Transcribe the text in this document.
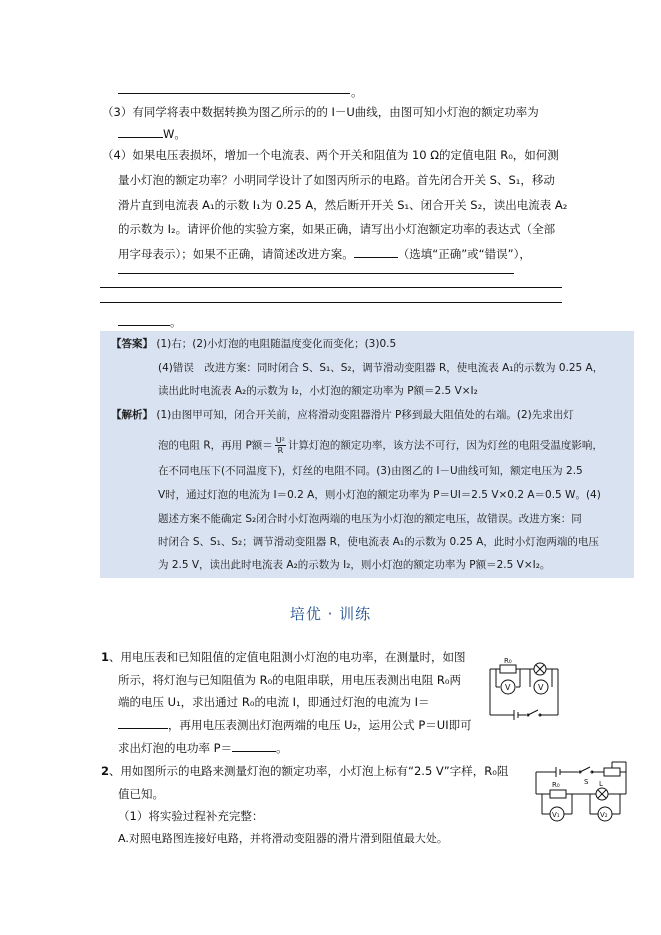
。
（3）有同学将表中数据转换为图乙所示的的 I－U曲线，由图可知小灯泡的额定功率为
W。
（4）如果电压表损坏，增加一个电流表、两个开关和阻值为 10 Ω的定值电阻 R₀，如何测
量小灯泡的额定功率？小明同学设计了如图丙所示的电路。首先闭合开关 S、S₁，移动
滑片直到电流表 A₁的示数 I₁为 0.25 A，然后断开开关 S₁、闭合开关 S₂，读出电流表 A₂
的示数为 I₂。请评价他的实验方案，如果正确，请写出小灯泡额定功率的表达式（全部
用字母表示）；如果不正确，请简述改进方案。	（选填“正确”或“错误”），
。
【答案】 (1)右；(2)小灯泡的电阻随温度变化而变化；(3)0.5
(4)错误　改进方案：同时闭合 S、S₁、S₂，调节滑动变阻器 R，使电流表 A₁的示数为 0.25 A，
读出此时电流表 A₂的示数为 I₂，小灯泡的额定功率为 P额＝2.5 V×I₂
【解析】 (1)由图甲可知，闭合开关前，应将滑动变阻器滑片 P移到最大阻值处的右端。(2)先求出灯
泡的电阻 R，再用 P额＝ $\frac{\text{U²}}{R}$ 计算灯泡的额定功率，该方法不可行，因为灯丝的电阻受温度影响，
在不同电压下(不同温度下)，灯丝的电阻不同。(3)由图乙的 I－U曲线可知，额定电压为 2.5
V时，通过灯泡的电流为 I＝0.2 A，则小灯泡的额定功率为 P＝UI＝2.5 V×0.2 A＝0.5 W。(4)
题述方案不能确定 S₂闭合时小灯泡两端的电压为小灯泡的额定电压，故错误。改进方案：同
时闭合 S、S₁、S₂；调节滑动变阻器 R，使电流表 A₁的示数为 0.25 A，此时小灯泡两端的电压
为 2.5 V，读出此时电流表 A₂的示数为 I₂，则小灯泡的额定功率为 P额＝2.5 V×I₂。
培优 · 训练
1、用电压表和已知阻值的定值电阻测小灯泡的电功率，在测量时，如图
所示，将灯泡与已知阻值为 R₀的电阻串联，用电压表测出电阻 R₀两
端的电压 U₁，求出通过 R₀的电流 I，即通过灯泡的电流为 I＝
，再用电压表测出灯泡两端的电压 U₂，运用公式 P＝UI即可
求出灯泡的电功率 P＝	。
R₀
V	V
2、用如图所示的电路来测量灯泡的额定功率，小灯泡上标有“2.5 V”字样，R₀阻
值已知。
（1）将实验过程补充完整：
A.对照电路图连接好电路，并将滑动变阻器的滑片滑到阻值最大处。
S
R₀	L
V₁	V₂
